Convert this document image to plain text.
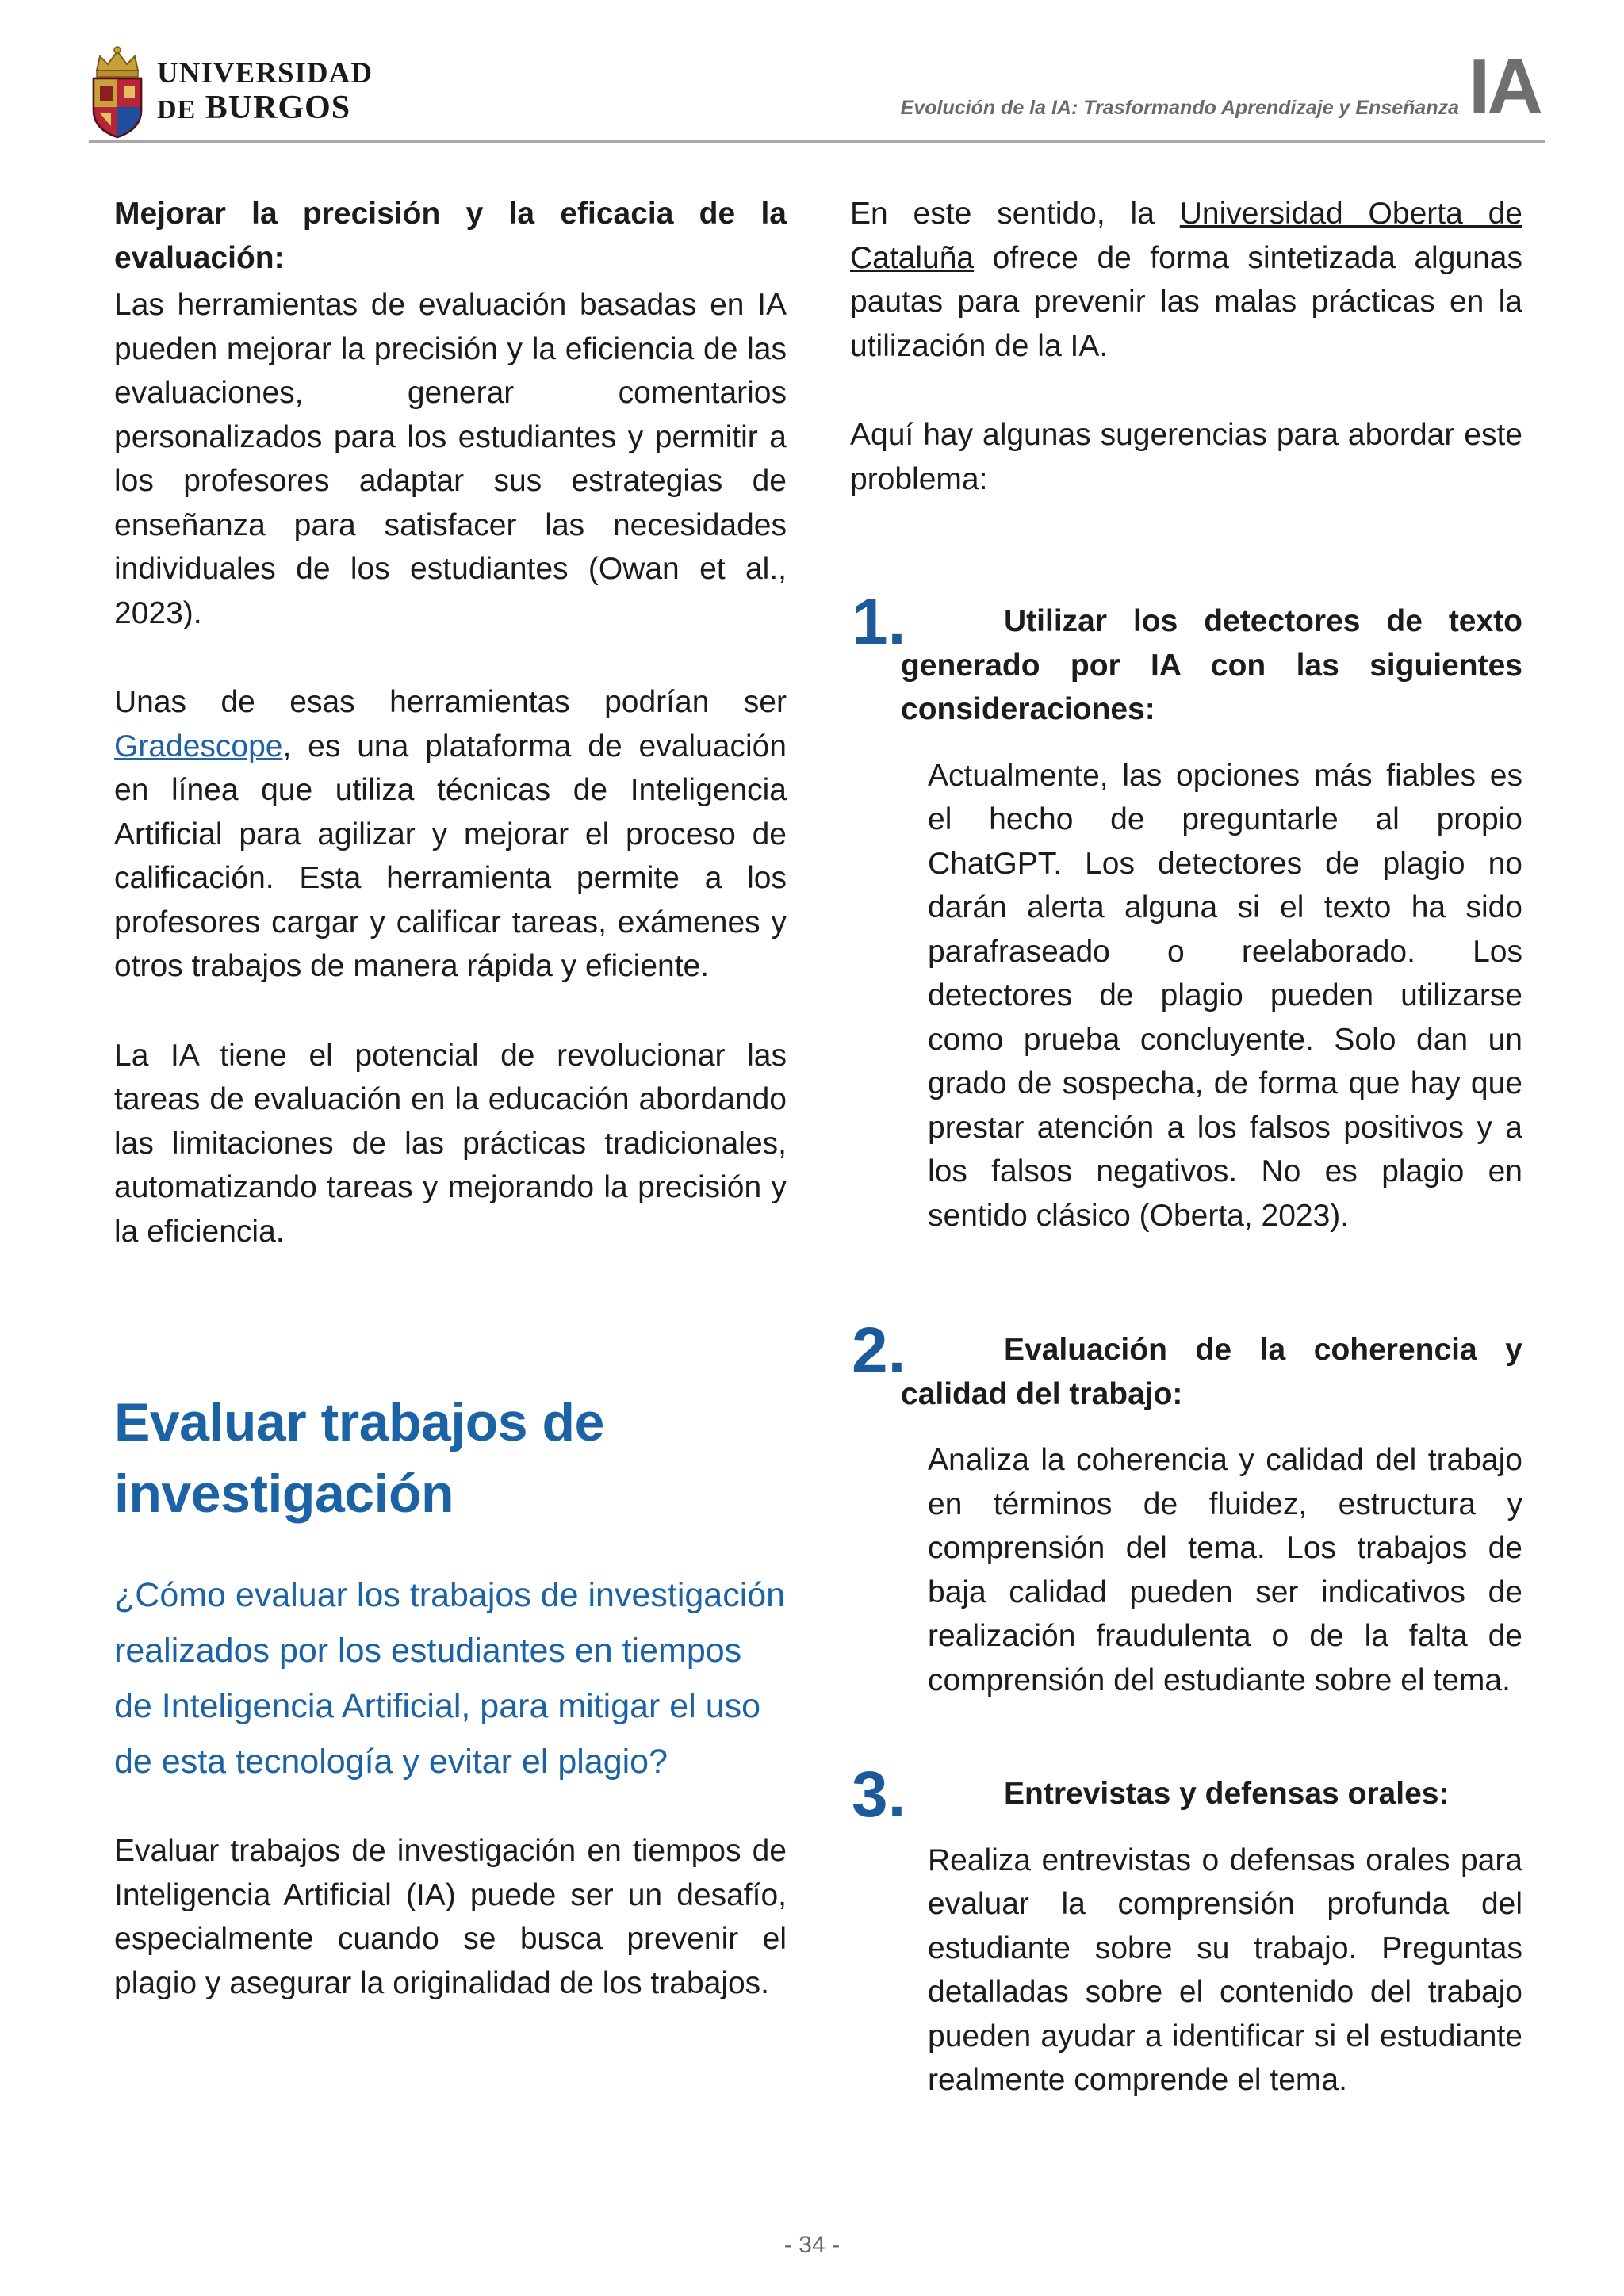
UNIVERSIDAD
DE BURGOS	Evolución de la IA: Trasformando Aprendizaje y Enseñanza IA
Mejorar la precisión y la eficacia de la evaluación:

Las herramientas de evaluación basadas en IA pueden mejorar la precisión y la eficiencia de las evaluaciones, generar comentarios personalizados para los estudiantes y permitir a los profesores adaptar sus estrategias de enseñanza para satisfacer las necesidades individuales de los estudiantes (Owan et al., 2023).

Unas de esas herramientas podrían ser Gradescope, es una plataforma de evaluación en línea que utiliza técnicas de Inteligencia Artificial para agilizar y mejorar el proceso de calificación. Esta herramienta permite a los profesores cargar y calificar tareas, exámenes y otros trabajos de manera rápida y eficiente.

La IA tiene el potencial de revolucionar las tareas de evaluación en la educación abordando las limitaciones de las prácticas tradicionales, automatizando tareas y mejorando la precisión y la eficiencia.

Evaluar trabajos de investigación
¿Cómo evaluar los trabajos de investigación realizados por los estudiantes en tiempos de Inteligencia Artificial, para mitigar el uso de esta tecnología y evitar el plagio?

Evaluar trabajos de investigación en tiempos de Inteligencia Artificial (IA) puede ser un desafío, especialmente cuando se busca prevenir el plagio y asegurar la originalidad de los trabajos.

En este sentido, la Universidad Oberta de Cataluña ofrece de forma sintetizada algunas pautas para prevenir las malas prácticas en la utilización de la IA.

Aquí hay algunas sugerencias para abordar este problema:

1.	Utilizar los detectores de texto generado por IA con las siguientes consideraciones:

Actualmente, las opciones más fiables es el hecho de preguntarle al propio ChatGPT. Los detectores de plagio no darán alerta alguna si el texto ha sido parafraseado o reelaborado. Los detectores de plagio pueden utilizarse como prueba concluyente. Solo dan un grado de sospecha, de forma que hay que prestar atención a los falsos positivos y a los falsos negativos. No es plagio en sentido clásico (Oberta, 2023).

2.	Evaluación de la coherencia y calidad del trabajo:

Analiza la coherencia y calidad del trabajo en términos de fluidez, estructura y comprensión del tema. Los trabajos de baja calidad pueden ser indicativos de realización fraudulenta o de la falta de comprensión del estudiante sobre el tema.

3.	Entrevistas y defensas orales:

Realiza entrevistas o defensas orales para evaluar la comprensión profunda del estudiante sobre su trabajo. Preguntas detalladas sobre el contenido del trabajo pueden ayudar a identificar si el estudiante realmente comprende el tema.

- 34 -
